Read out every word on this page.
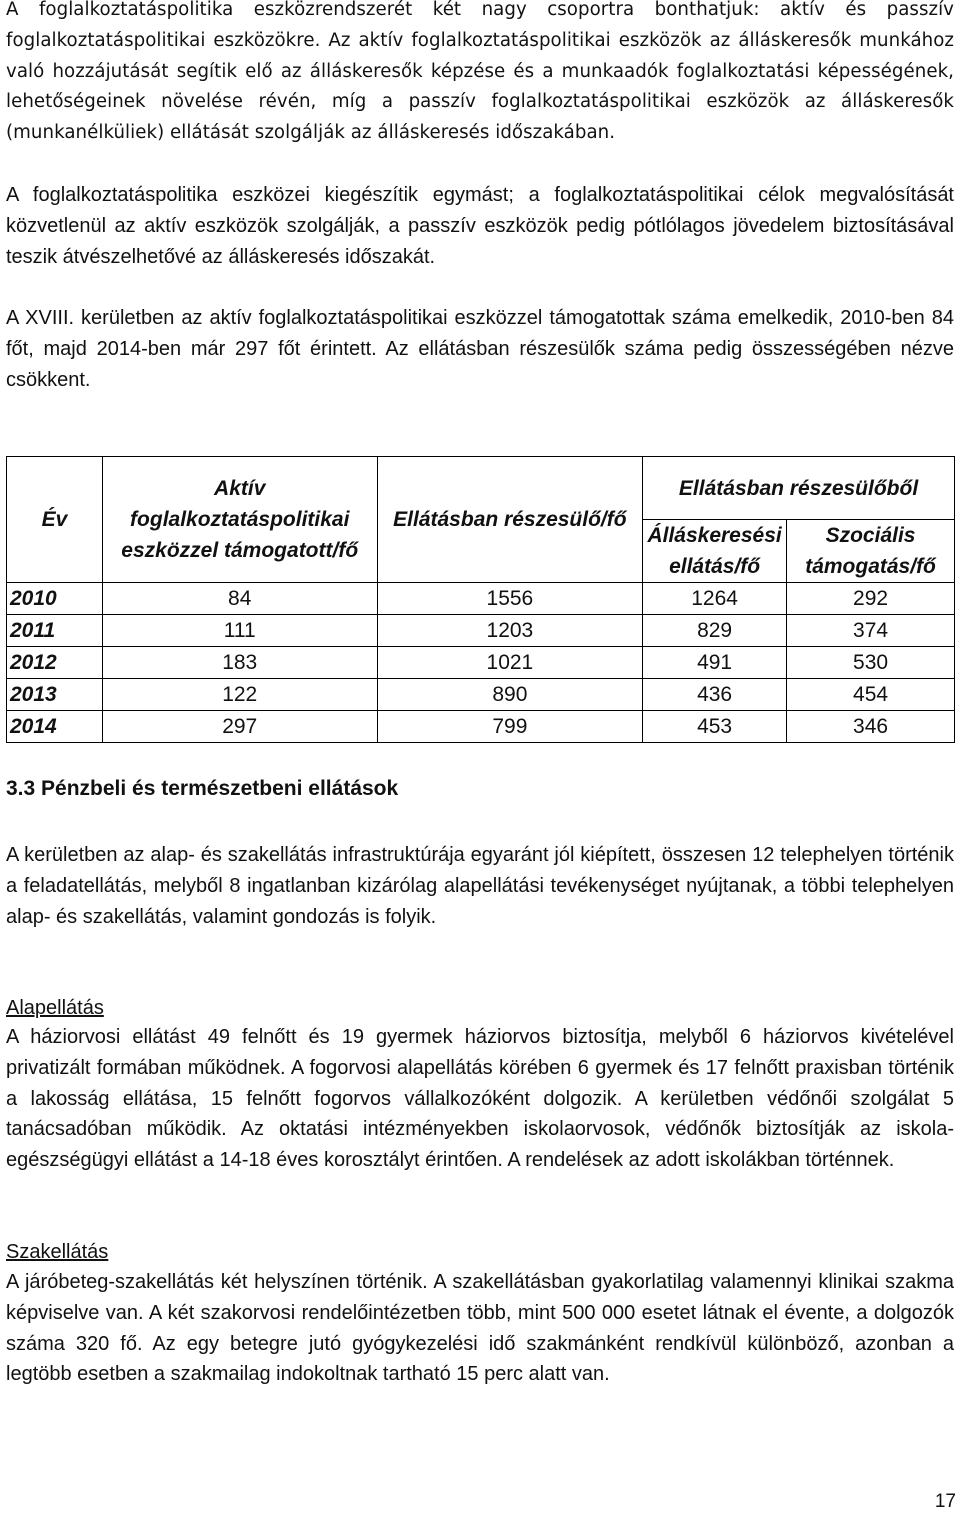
A foglalkoztatáspolitika eszközrendszerét két nagy csoportra bonthatjuk: aktív és passzív foglalkoztatáspolitikai eszközökre. Az aktív foglalkoztatáspolitikai eszközök az álláskeresők munkához való hozzájutását segítik elő az álláskeresők képzése és a munkaadók foglalkoztatási képességének, lehetőségeinek növelése révén, míg a passzív foglalkoztatáspolitikai eszközök az álláskeresők (munkanélküliek) ellátását szolgálják az álláskeresés időszakában.

A foglalkoztatáspolitika eszközei kiegészítik egymást; a foglalkoztatáspolitikai célok megvalósítását közvetlenül az aktív eszközök szolgálják, a passzív eszközök pedig pótlólagos jövedelem biztosításával teszik átvészelhetővé az álláskeresés időszakát.

A XVIII. kerületben az aktív foglalkoztatáspolitikai eszközzel támogatottak száma emelkedik, 2010-ben 84 főt, majd 2014-ben már 297 főt érintett. Az ellátásban részesülők száma pedig összességében nézve csökkent.

Év	Aktív foglalkoztatáspolitikai eszközzel támogatott/fő	Ellátásban részesülő/fő	Ellátásban részesülőből	
			Álláskeresési ellátás/fő	Szociális támogatás/fő
2010	84	1556	1264	292
2011	111	1203	829	374
2012	183	1021	491	530
2013	122	890	436	454
2014	297	799	453	346

3.3 Pénzbeli és természetbeni ellátások

A kerületben az alap- és szakellátás infrastruktúrája egyaránt jól kiépített, összesen 12 telephelyen történik a feladatellátás, melyből 8 ingatlanban kizárólag alapellátási tevékenységet nyújtanak, a többi telephelyen alap- és szakellátás, valamint gondozás is folyik.

Alapellátás

A háziorvosi ellátást 49 felnőtt és 19 gyermek háziorvos biztosítja, melyből 6 háziorvos kivételével privatizált formában működnek. A fogorvosi alapellátás körében 6 gyermek és 17 felnőtt praxisban történik a lakosság ellátása, 15 felnőtt fogorvos vállalkozóként dolgozik. A kerületben védőnői szolgálat 5 tanácsadóban működik. Az oktatási intézményekben iskolaorvosok, védőnők biztosítják az iskola-egészségügyi ellátást a 14-18 éves korosztályt érintően. A rendelések az adott iskolákban történnek.

Szakellátás

A járóbeteg-szakellátás két helyszínen történik. A szakellátásban gyakorlatilag valamennyi klinikai szakma képviselve van. A két szakorvosi rendelőintézetben több, mint 500 000 esetet látnak el évente, a dolgozók száma 320 fő. Az egy betegre jutó gyógykezelési idő szakmánként rendkívül különböző, azonban a legtöbb esetben a szakmailag indokoltnak tartható 15 perc alatt van.

17
